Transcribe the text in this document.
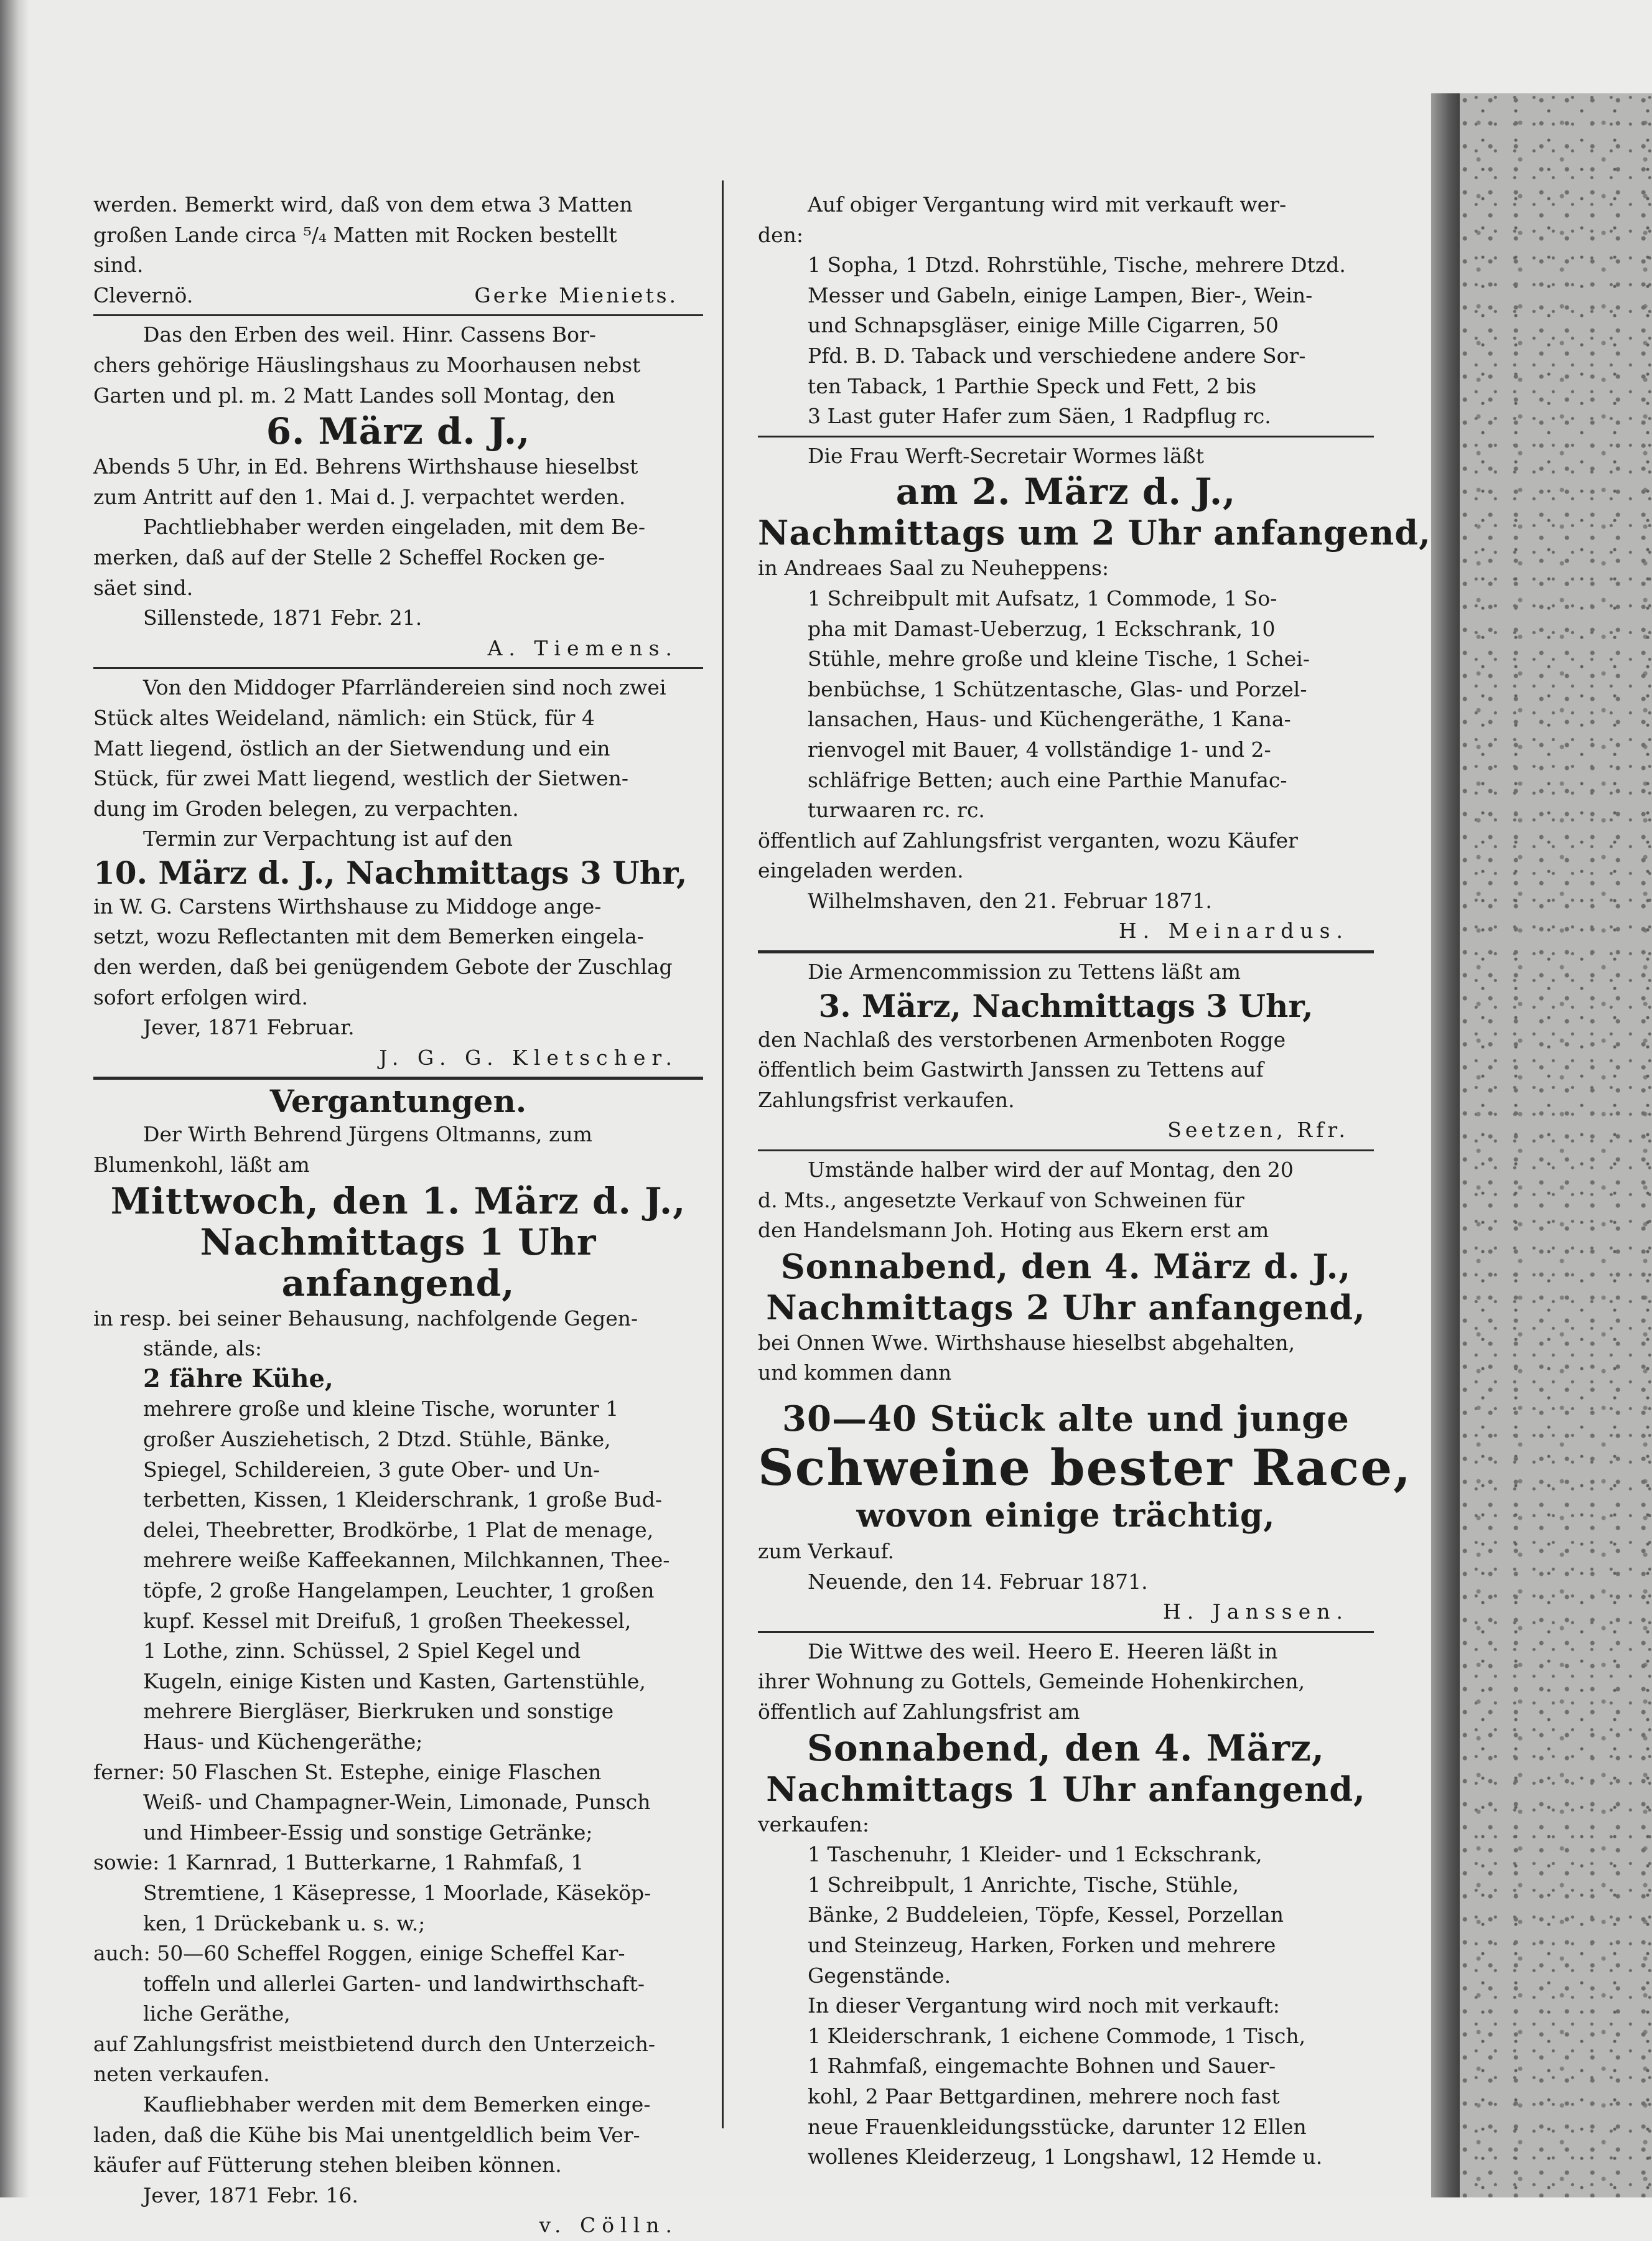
werden. Bemerkt wird, daß von dem etwa 3 Matten

großen Lande circa ⁵/₄ Matten mit Rocken bestellt

sind.

Clevernö.	Gerke Mieniets.

Das den Erben des weil. Hinr. Cassens Bor-

chers gehörige Häuslingshaus zu Moorhausen nebst

Garten und pl. m. 2 Matt Landes soll Montag, den

6. März d. J.,

Abends 5 Uhr, in Ed. Behrens Wirthshause hieselbst

zum Antritt auf den 1. Mai d. J. verpachtet werden.

Pachtliebhaber werden eingeladen, mit dem Be-

merken, daß auf der Stelle 2 Scheffel Rocken ge-

säet sind.

Sillenstede, 1871 Febr. 21.

A. Tiemens.

Von den Middoger Pfarrländereien sind noch zwei

Stück altes Weideland, nämlich: ein Stück, für 4

Matt liegend, östlich an der Sietwendung und ein

Stück, für zwei Matt liegend, westlich der Sietwen-

dung im Groden belegen, zu verpachten.

Termin zur Verpachtung ist auf den

10. März d. J., Nachmittags 3 Uhr,

in W. G. Carstens Wirthshause zu Middoge ange-

setzt, wozu Reflectanten mit dem Bemerken eingela-

den werden, daß bei genügendem Gebote der Zuschlag

sofort erfolgen wird.

Jever, 1871 Februar.

J. G. G. Kletscher.

Vergantungen.

Der Wirth Behrend Jürgens Oltmanns, zum

Blumenkohl, läßt am

Mittwoch, den 1. März d. J.,

Nachmittags 1 Uhr anfangend,

in resp. bei seiner Behausung, nachfolgende Gegen-

stände, als:

2 fähre Kühe,

mehrere große und kleine Tische, worunter 1

großer Ausziehetisch, 2 Dtzd. Stühle, Bänke,

Spiegel, Schildereien, 3 gute Ober- und Un-

terbetten, Kissen, 1 Kleiderschrank, 1 große Bud-

delei, Theebretter, Brodkörbe, 1 Plat de menage,

mehrere weiße Kaffeekannen, Milchkannen, Thee-

töpfe, 2 große Hangelampen, Leuchter, 1 großen

kupf. Kessel mit Dreifuß, 1 großen Theekessel,

1 Lothe, zinn. Schüssel, 2 Spiel Kegel und

Kugeln, einige Kisten und Kasten, Gartenstühle,

mehrere Biergläser, Bierkruken und sonstige

Haus- und Küchengeräthe;

ferner: 50 Flaschen St. Estephe, einige Flaschen

Weiß- und Champagner-Wein, Limonade, Punsch

und Himbeer-Essig und sonstige Getränke;

sowie: 1 Karnrad, 1 Butterkarne, 1 Rahmfaß, 1

Stremtiene, 1 Käsepresse, 1 Moorlade, Käseköp-

ken, 1 Drückebank u. s. w.;

auch: 50—60 Scheffel Roggen, einige Scheffel Kar-

toffeln und allerlei Garten- und landwirthschaft-

liche Geräthe,

auf Zahlungsfrist meistbietend durch den Unterzeich-

neten verkaufen.

Kaufliebhaber werden mit dem Bemerken einge-

laden, daß die Kühe bis Mai unentgeldlich beim Ver-

käufer auf Fütterung stehen bleiben können.

Jever, 1871 Febr. 16.

v. Cölln.

Auf obiger Vergantung wird mit verkauft wer-

den:

1 Sopha, 1 Dtzd. Rohrstühle, Tische, mehrere Dtzd.

Messer und Gabeln, einige Lampen, Bier-, Wein-

und Schnapsgläser, einige Mille Cigarren, 50

Pfd. B. D. Taback und verschiedene andere Sor-

ten Taback, 1 Parthie Speck und Fett, 2 bis

3 Last guter Hafer zum Säen, 1 Radpflug rc.

Die Frau Werft-Secretair Wormes läßt

am 2. März d. J.,

Nachmittags um 2 Uhr anfangend,

in Andreaes Saal zu Neuheppens:

1 Schreibpult mit Aufsatz, 1 Commode, 1 So-

pha mit Damast-Ueberzug, 1 Eckschrank, 10

Stühle, mehre große und kleine Tische, 1 Schei-

benbüchse, 1 Schützentasche, Glas- und Porzel-

lansachen, Haus- und Küchengeräthe, 1 Kana-

rienvogel mit Bauer, 4 vollständige 1- und 2-

schläfrige Betten; auch eine Parthie Manufac-

turwaaren rc. rc.

öffentlich auf Zahlungsfrist verganten, wozu Käufer

eingeladen werden.

Wilhelmshaven, den 21. Februar 1871.

H. Meinardus.

Die Armencommission zu Tettens läßt am

3. März, Nachmittags 3 Uhr,

den Nachlaß des verstorbenen Armenboten Rogge

öffentlich beim Gastwirth Janssen zu Tettens auf

Zahlungsfrist verkaufen.

Seetzen, Rfr.

Umstände halber wird der auf Montag, den 20

d. Mts., angesetzte Verkauf von Schweinen für

den Handelsmann Joh. Hoting aus Ekern erst am

Sonnabend, den 4. März d. J.,

Nachmittags 2 Uhr anfangend,

bei Onnen Wwe. Wirthshause hieselbst abgehalten,

und kommen dann

30—40 Stück alte und junge

Schweine bester Race,

wovon einige trächtig,

zum Verkauf.

Neuende, den 14. Februar 1871.

H. Janssen.

Die Wittwe des weil. Heero E. Heeren läßt in

ihrer Wohnung zu Gottels, Gemeinde Hohenkirchen,

öffentlich auf Zahlungsfrist am

Sonnabend, den 4. März,

Nachmittags 1 Uhr anfangend,

verkaufen:

1 Taschenuhr, 1 Kleider- und 1 Eckschrank,

1 Schreibpult, 1 Anrichte, Tische, Stühle,

Bänke, 2 Buddeleien, Töpfe, Kessel, Porzellan

und Steinzeug, Harken, Forken und mehrere

Gegenstände.

In dieser Vergantung wird noch mit verkauft:

1 Kleiderschrank, 1 eichene Commode, 1 Tisch,

1 Rahmfaß, eingemachte Bohnen und Sauer-

kohl, 2 Paar Bettgardinen, mehrere noch fast

neue Frauenkleidungsstücke, darunter 12 Ellen

wollenes Kleiderzeug, 1 Longshawl, 12 Hemde u.
